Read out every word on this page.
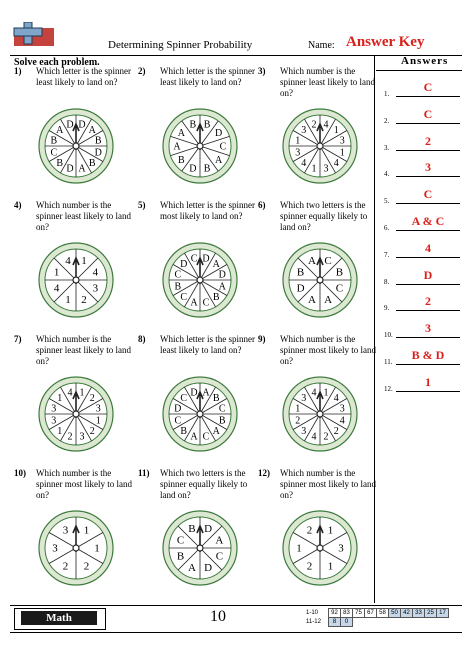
Determining Spinner Probability	Name: Answer Key
Solve each problem.	Answers
1) Which letter is the spinner least likely to land on?
D
A
B
D
B
A
D
B
C
B
A
D
2) Which letter is the spinner least likely to land on?
B
D
C
A
B
D
B
A
A
B
3) Which number is the spinner least likely to land on?
4
1
3
1
4
3
1
4
3
1
3
2
4) Which number is the spinner least likely to land on?
1
4
3
2
1
4
1
4
5) Which letter is the spinner most likely to land on?
D
A
D
A
B
C
A
C
B
C
D
C
6) Which two letters is the spinner equally likely to land on?
C
B
C
A
A
D
B
A
7) Which number is the spinner least likely to land on?
1
2
3
1
2
3
2
1
3
3
1
4
8) Which letter is the spinner least likely to land on?
A
B
C
B
A
C
A
B
C
D
C
D
9) Which number is the spinner most likely to land on?
1
4
3
4
2
2
4
3
2
1
3
4
10) Which number is the spinner most likely to land on?
1
1
2
2
3
3
11) Which two letters is the spinner equally likely to land on?
D
A
C
D
A
B
C
B
12) Which number is the spinner most likely to land on?
1
3
1
2
1
2
1.	C
2.	C
3.	2
4.	3
5.	C
6.	A & C
7.	4
8.	D
9.	2
10.	3
11.	B & D
12.	1
Math	10	1-10	92	83	75	67	58	50	42	33	25	17
11-12	8	0								
